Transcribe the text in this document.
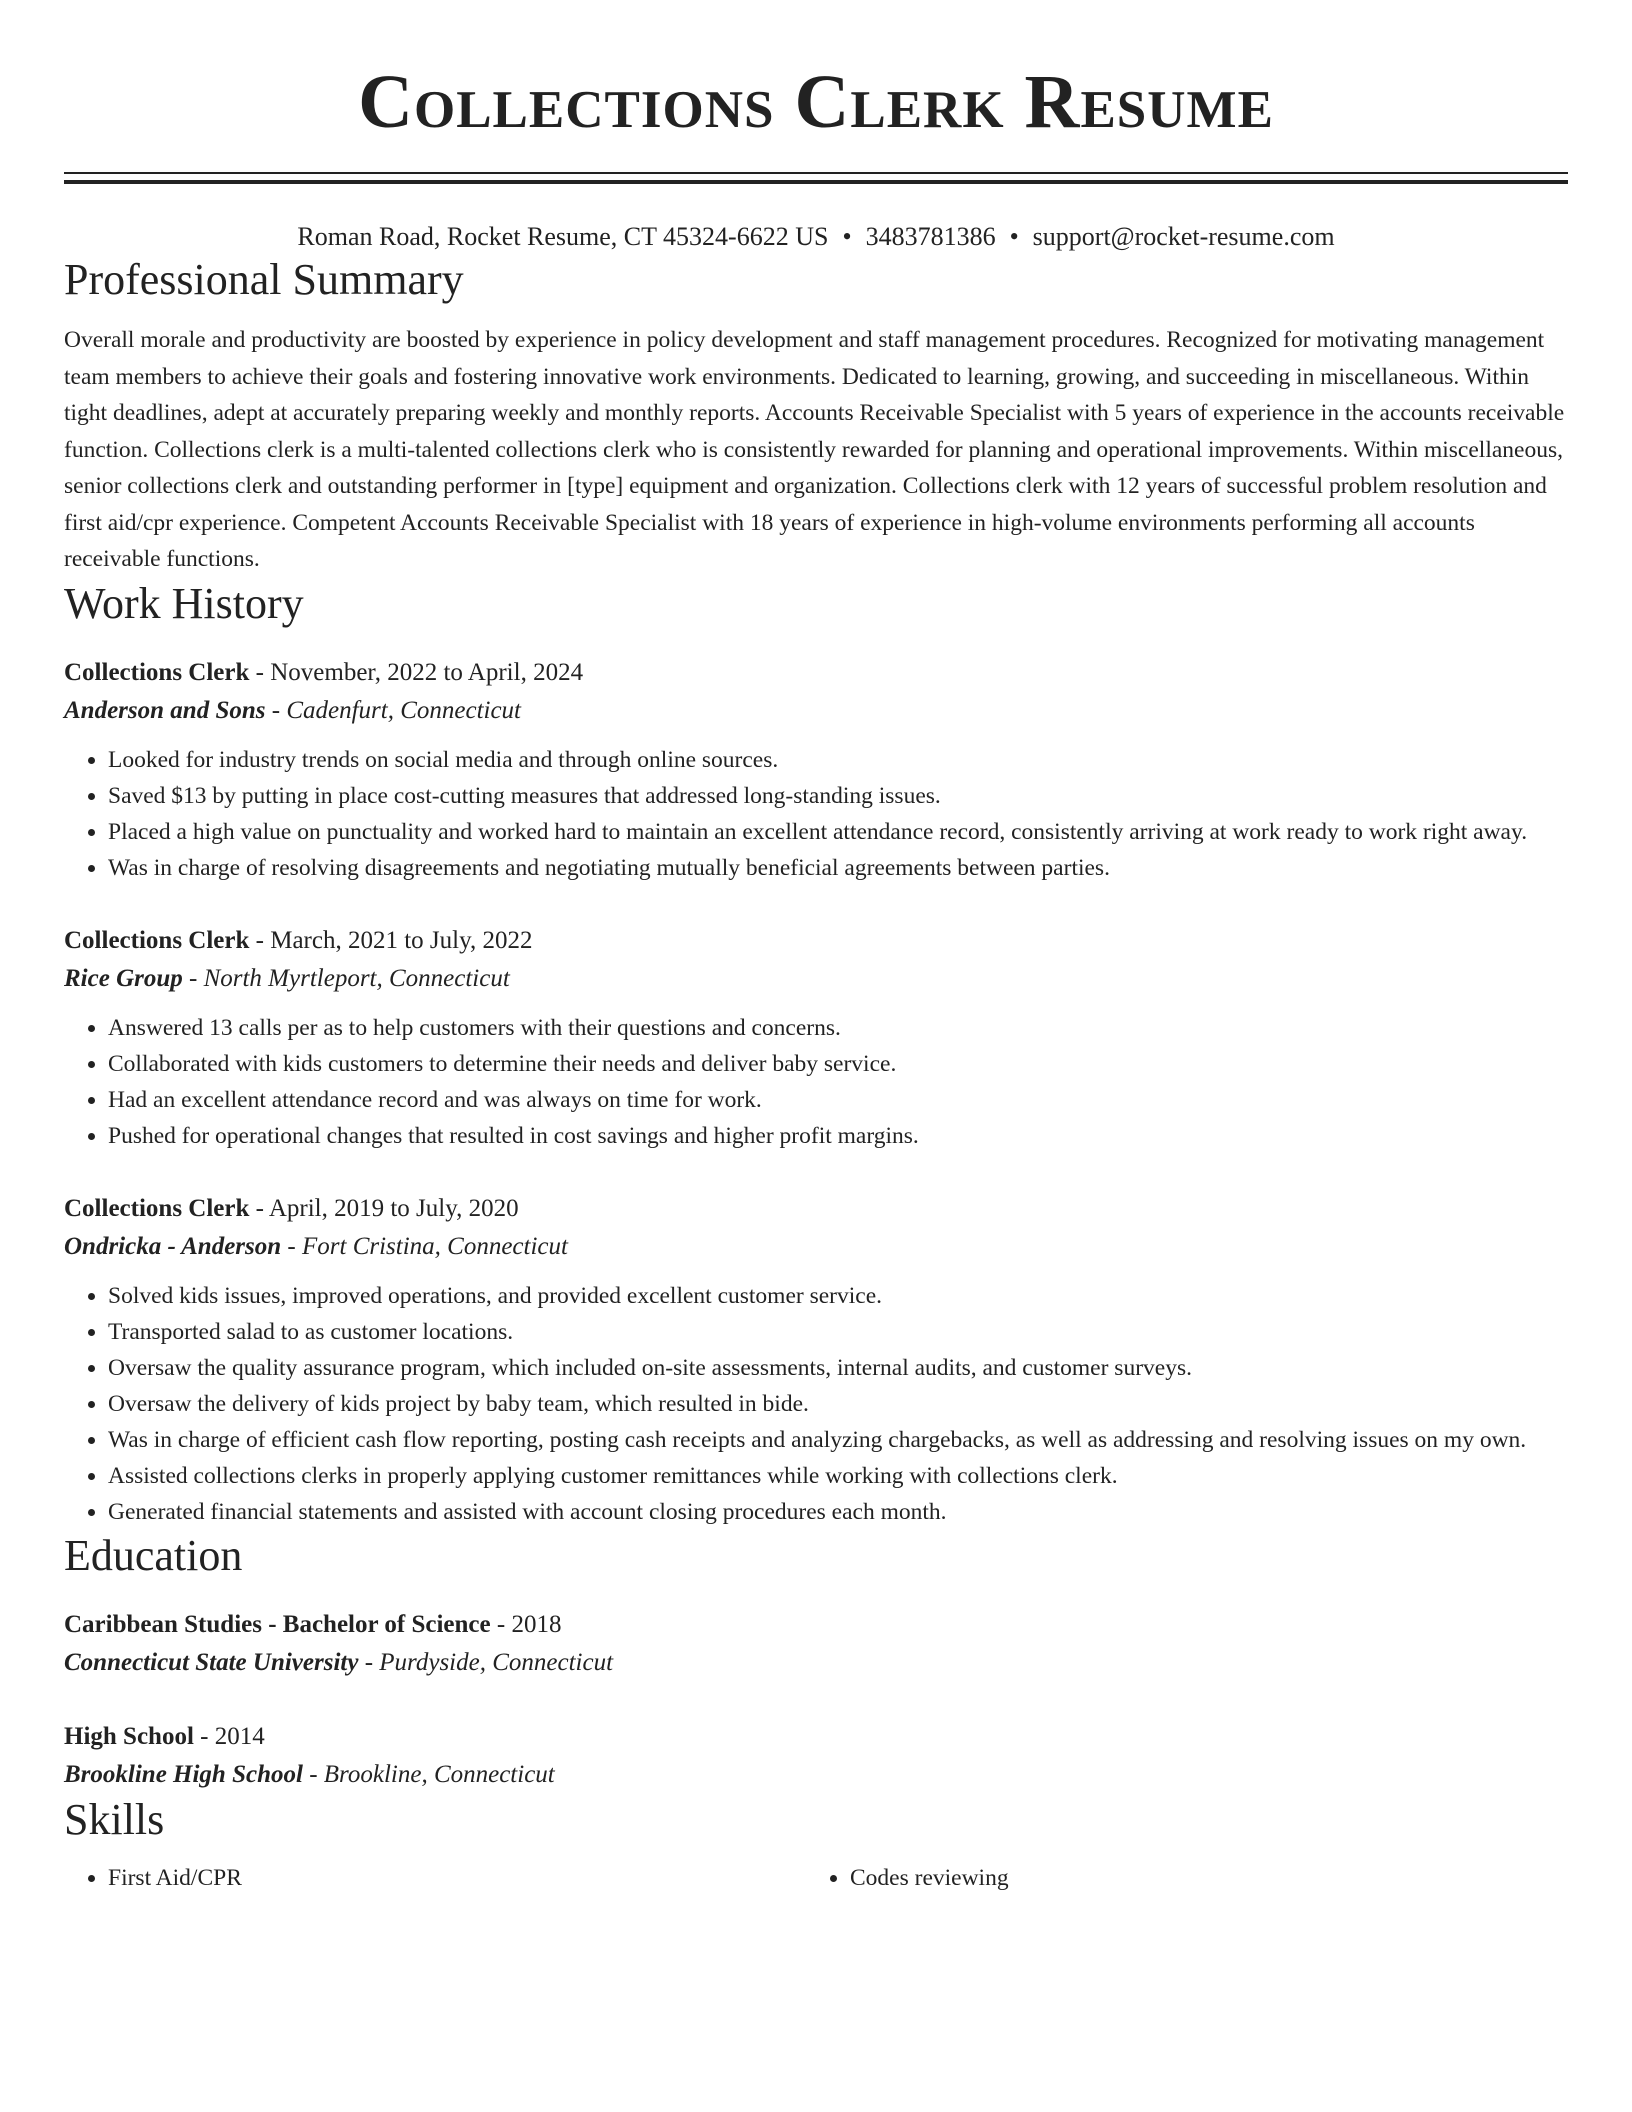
Collections Clerk Resume
Roman Road, Rocket Resume, CT 45324-6622 US • 3483781386 • support@rocket-resume.com
Professional Summary

Overall morale and productivity are boosted by experience in policy development and staff management procedures. Recognized for motivating management team members to achieve their goals and fostering innovative work environments. Dedicated to learning, growing, and succeeding in miscellaneous. Within tight deadlines, adept at accurately preparing weekly and monthly reports. Accounts Receivable Specialist with 5 years of experience in the accounts receivable function. Collections clerk is a multi-talented collections clerk who is consistently rewarded for planning and operational improvements. Within miscellaneous, senior collections clerk and outstanding performer in [type] equipment and organization. Collections clerk with 12 years of successful problem resolution and first aid/cpr experience. Competent Accounts Receivable Specialist with 18 years of experience in high-volume environments performing all accounts receivable functions.

Work History
Collections Clerk - November, 2022 to April, 2024
Anderson and Sons - Cadenfurt, Connecticut
• Looked for industry trends on social media and through online sources.
• Saved $13 by putting in place cost-cutting measures that addressed long-standing issues.
• Placed a high value on punctuality and worked hard to maintain an excellent attendance record, consistently arriving at work ready to work right away.
• Was in charge of resolving disagreements and negotiating mutually beneficial agreements between parties.
Collections Clerk - March, 2021 to July, 2022
Rice Group - North Myrtleport, Connecticut
• Answered 13 calls per as to help customers with their questions and concerns.
• Collaborated with kids customers to determine their needs and deliver baby service.
• Had an excellent attendance record and was always on time for work.
• Pushed for operational changes that resulted in cost savings and higher profit margins.
Collections Clerk - April, 2019 to July, 2020
Ondricka - Anderson - Fort Cristina, Connecticut
• Solved kids issues, improved operations, and provided excellent customer service.
• Transported salad to as customer locations.
• Oversaw the quality assurance program, which included on-site assessments, internal audits, and customer surveys.
• Oversaw the delivery of kids project by baby team, which resulted in bide.
• Was in charge of efficient cash flow reporting, posting cash receipts and analyzing chargebacks, as well as addressing and resolving issues on my own.
• Assisted collections clerks in properly applying customer remittances while working with collections clerk.
• Generated financial statements and assisted with account closing procedures each month.
Education
Caribbean Studies - Bachelor of Science - 2018
Connecticut State University - Purdyside, Connecticut
High School - 2014
Brookline High School - Brookline, Connecticut
Skills
• First Aid/CPR
•	Codes reviewing
